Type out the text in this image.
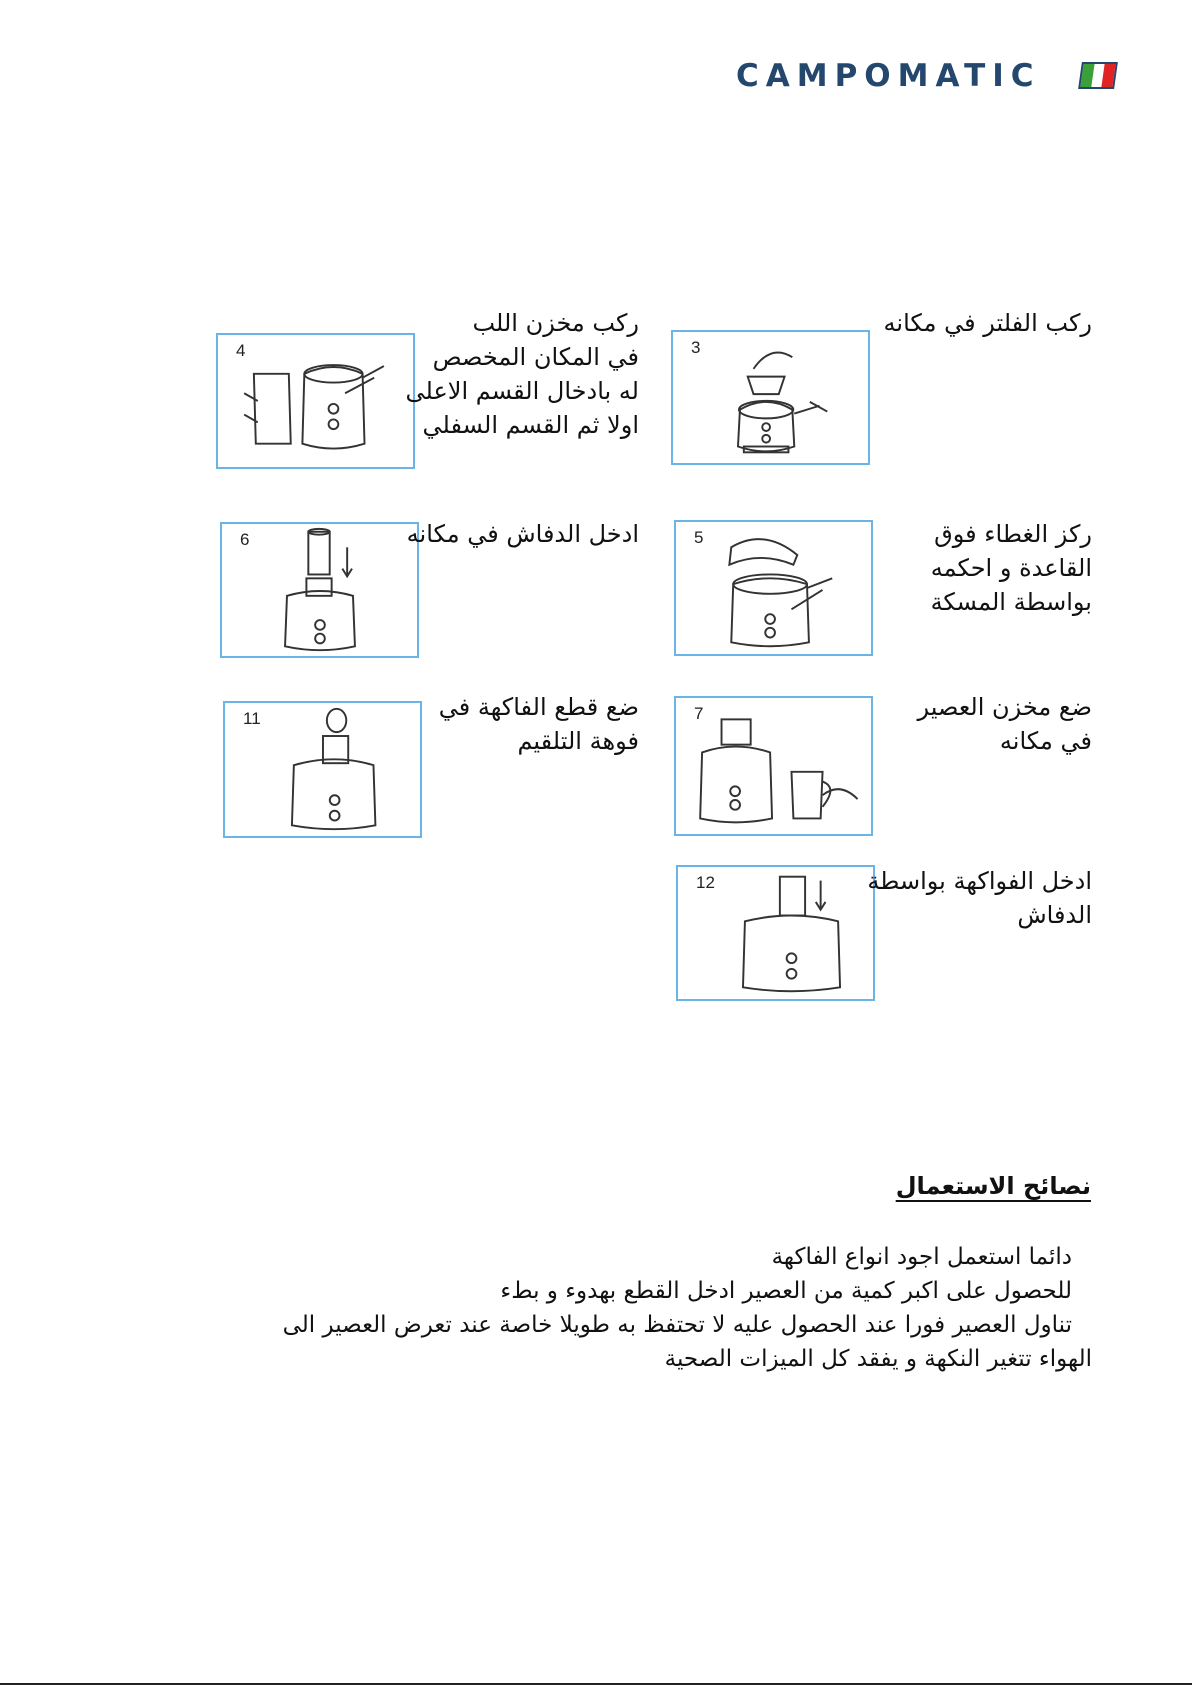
CAMPOMATIC
3
ركب الفلتر في مكانه
4
ركب مخزن اللب
في المكان المخصص
له بادخال القسم الاعلى
اولا ثم القسم السفلي
5	ركز الغطاء فوق
القاعدة و احكمه
بواسطة المسكة
6	ادخل الدفاش في مكانه
7	ضع مخزن العصير
في مكانه
11	ضع قطع الفاكهة في
فوهة التلقيم
12	ادخل الفواكهة بواسطة
الدفاش
نصائح الاستعمال
دائما استعمل اجود انواع الفاكهة
للحصول على اكبر كمية من العصير ادخل القطع بهدوء و بطء
تناول العصير فورا عند الحصول عليه لا تحتفظ به طويلا خاصة عند تعرض العصير الى
الهواء تتغير النكهة و يفقد كل الميزات الصحية
